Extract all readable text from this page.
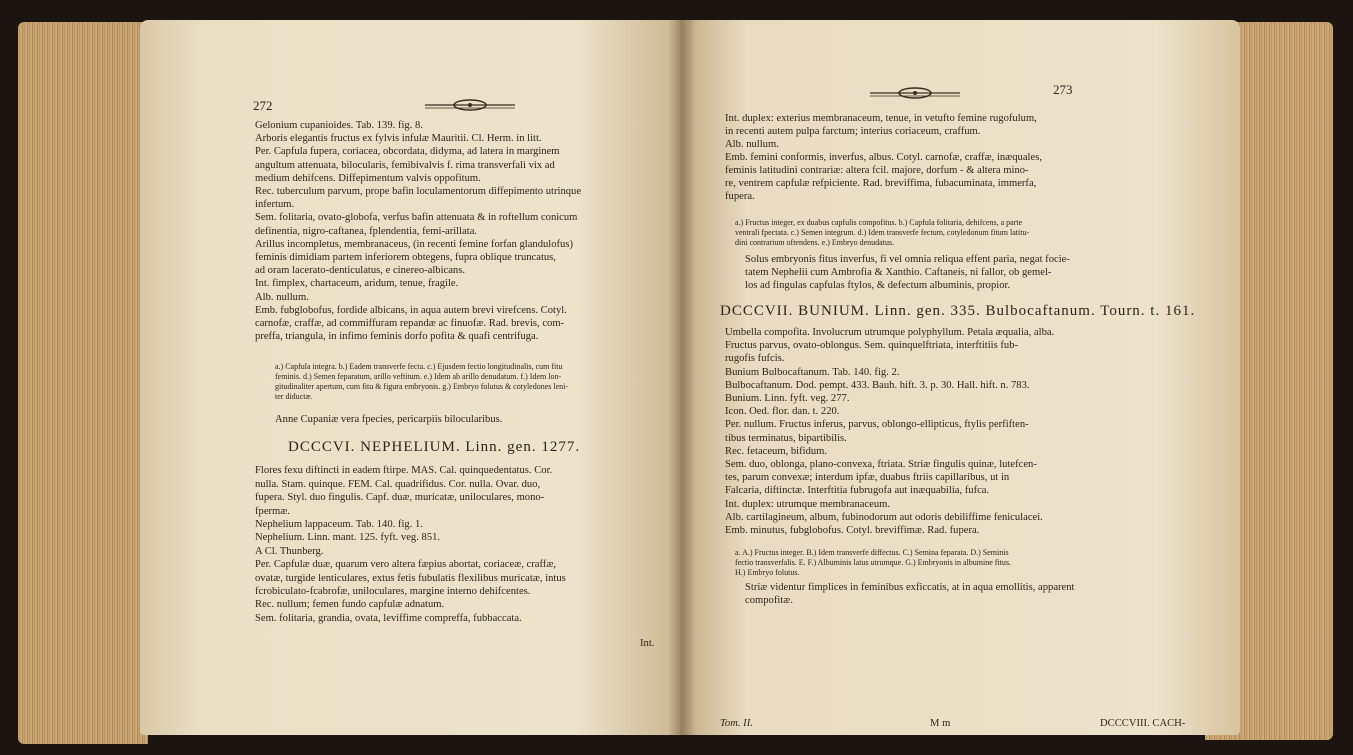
272
Gelonium cupanioides. Tab. 139. fig. 8.
Arboris elegantis fructus ex fylvis infulæ Mauritii. Cl. Herm. in litt.
Per. Capfula fupera, coriacea, obcordata, didyma, ad latera in marginem
angultum attenuata, bilocularis, femibivalvis f. rima transverfali vix ad
medium dehifcens. Diffepimentum valvis oppofitum.
Rec. tuberculum parvum, prope bafin loculamentorum diffepimento utrinque
infertum.
Sem. folitaria, ovato-globofa, verfus bafin attenuata & in roftellum conicum
definentia, nigro-caftanea, fplendentia, femi-arillata.
Arillus incompletus, membranaceus, (in recenti femine forfan glandulofus)
feminis dimidiam partem inferiorem obtegens, fupra oblique truncatus,
ad oram lacerato-denticulatus, e cinereo-albicans.
Int. fimplex, chartaceum, aridum, tenue, fragile.
Alb. nullum.
Emb. fubglobofus, fordide albicans, in aqua autem brevi virefcens. Cotyl.
carnofæ, craffæ, ad commiffuram repandæ ac finuofæ. Rad. brevis, com-
preffa, triangula, in infimo feminis dorfo pofita & quafi centrifuga.
a.) Capfula integra. b.) Eadem transverfe fecta. c.) Ejusdem fectio longitudinalis, cum fitu
feminis. d.) Semen feparatum, arillo veftitum. e.) Idem ab arillo denudatum. f.) Idem lon-
gitudinaliter apertum, cum fitu & figura embryonis. g.) Embryo folutus & cotyledones leni-
ter diductæ.
Anne Cupaniæ vera fpecies, pericarpiis bilocularibus.
DCCCVI. NEPHELIUM. Linn. gen. 1277.
Flores fexu diftincti in eadem ftirpe. MAS. Cal. quinquedentatus. Cor.
nulla. Stam. quinque. FEM. Cal. quadrifidus. Cor. nulla. Ovar. duo,
fupera. Styl. duo fingulis. Capf. duæ, muricatæ, uniloculares, mono-
fpermæ.
Nephelium lappaceum. Tab. 140. fig. 1.
Nephelium. Linn. mant. 125. fyft. veg. 851.
A Cl. Thunberg.
Per. Capfulæ duæ, quarum vero altera fæpius abortat, coriaceæ, craffæ,
ovatæ, turgide lenticulares, extus fetis fubulatis flexilibus muricatæ, intus
fcrobiculato-fcabrofæ, uniloculares, margine interno dehifcentes.
Rec. nullum; femen fundo capfulæ adnatum.
Sem. folitaria, grandia, ovata, leviffime compreffa, fubbaccata.
Int.
273
Int. duplex: exterius membranaceum, tenue, in vetufto femine rugofulum,
in recenti autem pulpa farctum; interius coriaceum, craffum.
Alb. nullum.
Emb. femini conformis, inverfus, albus. Cotyl. carnofæ, craffæ, inæquales,
feminis latitudini contrariæ: altera fcil. majore, dorfum - & altera mino-
re, ventrem capfulæ refpiciente. Rad. breviffima, fubacuminata, immerfa,
fupera.
a.) Fructus integer, ex duabus capfulis compofitus. b.) Capfula folitaria, dehifcens, a parte
ventrali fpectata. c.) Semen integrum. d.) Idem transverfe fectum, cotyledonum fitum latitu-
dini contrarium oftendens. e.) Embryo denudatus.
Solus embryonis fitus inverfus, fi vel omnia reliqua effent paria, negat focie-
tatem Nephelii cum Ambrofia & Xanthio. Caftaneis, ni fallor, ob gemel-
los ad fingulas capfulas ftylos, & defectum albuminis, propior.
DCCCVII. BUNIUM. Linn. gen. 335. Bulbocaftanum. Tourn. t. 161.
Umbella compofita. Involucrum utrumque polyphyllum. Petala æqualia, alba.
Fructus parvus, ovato-oblongus. Sem. quinquelftriata, interftitiis fub-
rugofis fufcis.
Bunium Bulbocaftanum. Tab. 140. fig. 2.
Bulbocaftanum. Dod. pempt. 433. Bauh. hift. 3. p. 30. Hall. hift. n. 783.
Bunium. Linn. fyft. veg. 277.
Icon. Oed. flor. dan. t. 220.
Per. nullum. Fructus inferus, parvus, oblongo-ellipticus, ftylis perfiften-
tibus terminatus, bipartibilis.
Rec. fetaceum, bifidum.
Sem. duo, oblonga, plano-convexa, ftriata. Striæ fingulis quinæ, lutefcen-
tes, parum convexæ; interdum ipfæ, duabus ftriis capillaribus, ut in
Falcaria, diftinctæ. Interftitia fubrugofa aut inæquabilia, fufca.
Int. duplex: utrumque membranaceum.
Alb. cartilagineum, album, fubinodorum aut odoris debiliffime feniculacei.
Emb. minutus, fubglobofus. Cotyl. breviffimæ. Rad. fupera.
a. A.) Fructus integer. B.) Idem transverfe diffectus. C.) Semina feparata. D.) Seminis
fectio transverfalis. E. F.) Albuminis latus utrumque. G.) Embryonis in albumine fitus.
H.) Embryo folutus.
Striæ videntur fimplices in feminibus exficcatis, at in aqua emollitis, apparent
compofitæ.
Tom. II.	M m	DCCCVIII. CACH-
